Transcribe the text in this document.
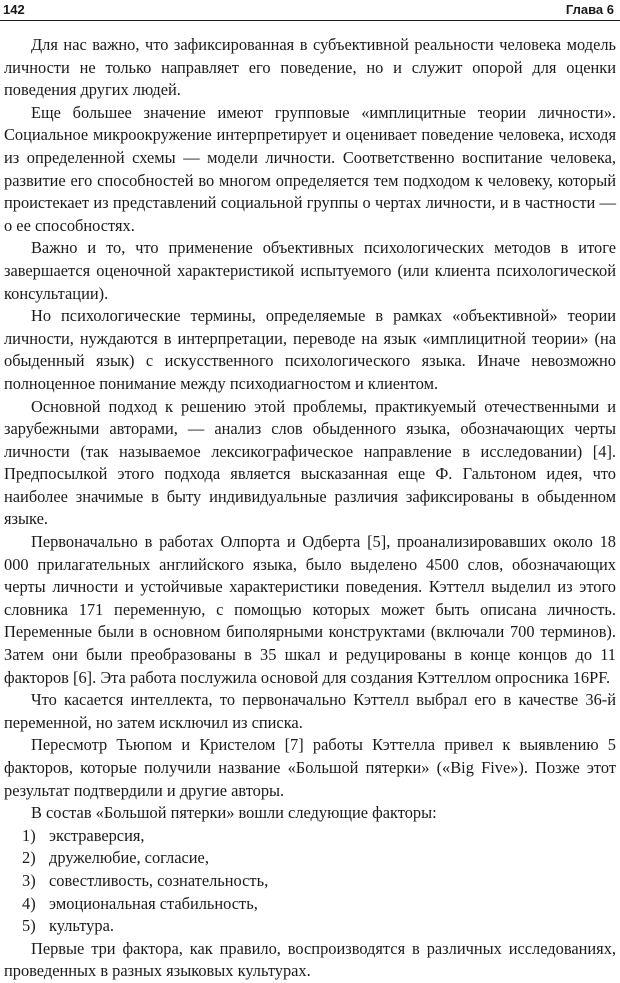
142	Глава 6

Для нас важно, что зафиксированная в субъективной реальности человека модель личности не только направляет его поведение, но и служит опорой для оценки поведения других людей.

Еще большее значение имеют групповые «имплицитные теории личности». Социальное микроокружение интерпретирует и оценивает поведение человека, исходя из определенной схемы — модели личности. Соответственно воспитание человека, развитие его способностей во многом определяется тем подходом к человеку, который проистекает из представлений социальной группы о чертах личности, и в частности — о ее способностях.

Важно и то, что применение объективных психологических методов в итоге завершается оценочной характеристикой испытуемого (или клиента психологической консультации).

Но психологические термины, определяемые в рамках «объективной» теории личности, нуждаются в интерпретации, переводе на язык «имплицитной теории» (на обыденный язык) с искусственного психологического языка. Иначе невозможно полноценное понимание между психодиагностом и клиентом.

Основной подход к решению этой проблемы, практикуемый отечественными и зарубежными авторами, — анализ слов обыденного языка, обозначающих черты личности (так называемое лексикографическое направление в исследовании) [4]. Предпосылкой этого подхода является высказанная еще Ф. Гальтоном идея, что наиболее значимые в быту индивидуальные различия зафиксированы в обыденном языке.

Первоначально в работах Олпорта и Одберта [5], проанализировавших около 18 000 прилагательных английского языка, было выделено 4500 слов, обозначающих черты личности и устойчивые характеристики поведения. Кэттелл выделил из этого словника 171 переменную, с помощью которых может быть описана личность. Переменные были в основном биполярными конструктами (включали 700 терминов). Затем они были преобразованы в 35 шкал и редуцированы в конце концов до 11 факторов [6]. Эта работа послужила основой для создания Кэттеллом опросника 16PF.

Что касается интеллекта, то первоначально Кэттелл выбрал его в качестве 36-й переменной, но затем исключил из списка.

Пересмотр Тьюпом и Кристелом [7] работы Кэттелла привел к выявлению 5 факторов, которые получили название «Большой пятерки» («Big Five»). Позже этот результат подтвердили и другие авторы.

В состав «Большой пятерки» вошли следующие факторы:

1) экстраверсия,
2) дружелюбие, согласие,
3) совестливость, сознательность,
4) эмоциональная стабильность,
5) культура.

Первые три фактора, как правило, воспроизводятся в различных исследованиях, проведенных в разных языковых культурах.
